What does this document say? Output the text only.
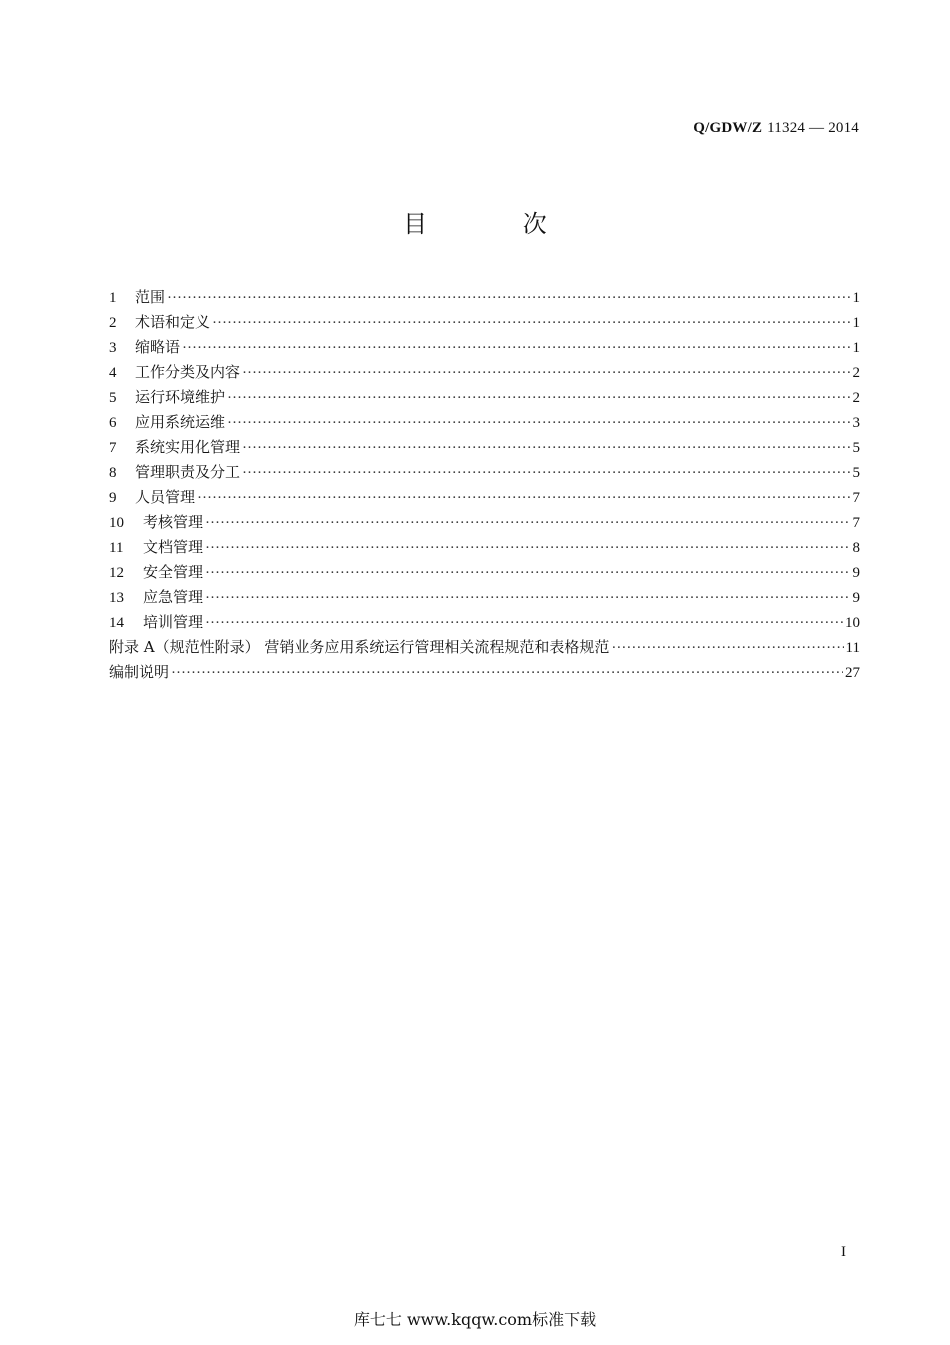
Q/GDW/Z 11324 — 2014
目 次
1	范围 ·····	1
2	术语和定义 ·····	1
3	缩略语 ·····	1
4	工作分类及内容 ·····	2
5	运行环境维护 ·····	2
6	应用系统运维 ·····	3
7	系统实用化管理 ·····	5
8	管理职责及分工 ·····	5
9	人员管理 ·····	7
10	考核管理 ·····	7
11	文档管理 ·····	8
12	安全管理 ·····	9
13	应急管理 ·····	9
14	培训管理 ·····	10
附录 A（规范性附录） 营销业务应用系统运行管理相关流程规范和表格规范 ·····	11
编制说明 ·····	27
I
库七七 www.kqqw.com标准下载
